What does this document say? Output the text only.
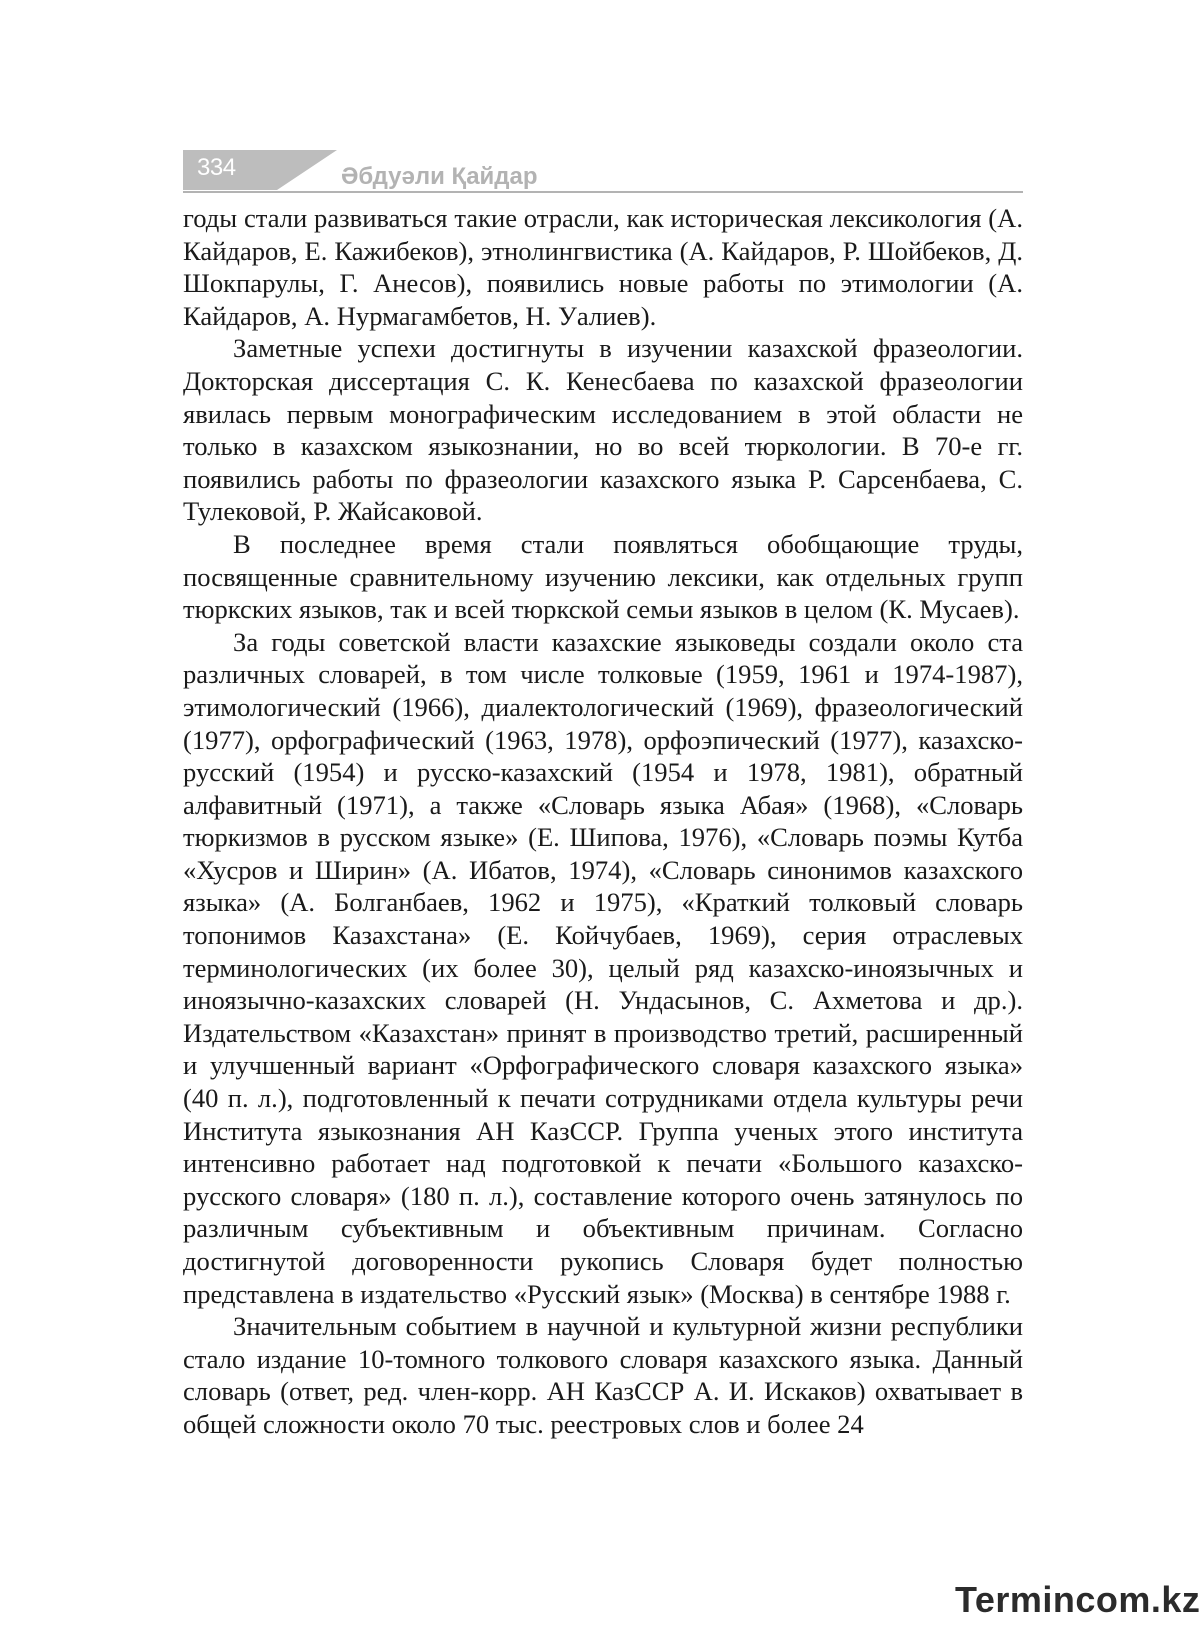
334	Әбдуәли Қайдар

годы стали развиваться такие отрасли, как историческая лексикология (А. Кайдаров, Е. Кажибеков), этнолингвистика (А. Кайдаров, Р. Шойбеков, Д. Шокпарулы, Г. Анесов), появились новые работы по этимологии (А. Кайдаров, А. Нурмагамбетов, Н. Уалиев).

Заметные успехи достигнуты в изучении казахской фразеологии. Докторская диссертация С. К. Кенесбаева по казахской фразеологии явилась первым монографическим исследованием в этой области не только в казахском языкознании, но во всей тюркологии. В 70-е гг. появились работы по фразеологии казахского языка Р. Сарсенбаева, С. Тулековой, Р. Жайсаковой.

В последнее время стали появляться обобщающие труды, посвященные сравнительному изучению лексики, как отдельных групп тюркских языков, так и всей тюркской семьи языков в целом (К. Мусаев).

За годы советской власти казахские языковеды создали около ста различных словарей, в том числе толковые (1959, 1961 и 1974-1987), этимологический (1966), диалектологический (1969), фразеологический (1977), орфографический (1963, 1978), орфоэпический (1977), казахско-русский (1954) и русско-казахский (1954 и 1978, 1981), обратный алфавитный (1971), а также «Словарь языка Абая» (1968), «Словарь тюркизмов в русском языке» (Е. Шипова, 1976), «Словарь поэмы Кутба «Хусров и Ширин» (А. Ибатов, 1974), «Словарь синонимов казахского языка» (А. Болганбаев, 1962 и 1975), «Краткий толковый словарь топонимов Казахстана» (Е. Койчубаев, 1969), серия отраслевых терминологических (их более 30), целый ряд казахско-иноязычных и иноязычно-казахских словарей (Н. Ундасынов, С. Ахметова и др.). Издательством «Казахстан» принят в производство третий, расширенный и улучшенный вариант «Орфографического словаря казахского языка» (40 п. л.), подготовленный к печати сотрудниками отдела культуры речи Института языкознания АН КазССР. Группа ученых этого института интенсивно работает над подготовкой к печати «Большого казахско-русского словаря» (180 п. л.), составление которого очень затянулось по различным субъективным и объективным причинам. Согласно достигнутой договоренности рукопись Словаря будет полностью представлена в издательство «Русский язык» (Москва) в сентябре 1988 г.

Значительным событием в научной и культурной жизни республики стало издание 10-томного толкового словаря казахского языка. Данный словарь (ответ, ред. член-корр. АН КазССР А. И. Искаков) охватывает в общей сложности около 70 тыс. реестровых слов и более 24

Termincom.kz
